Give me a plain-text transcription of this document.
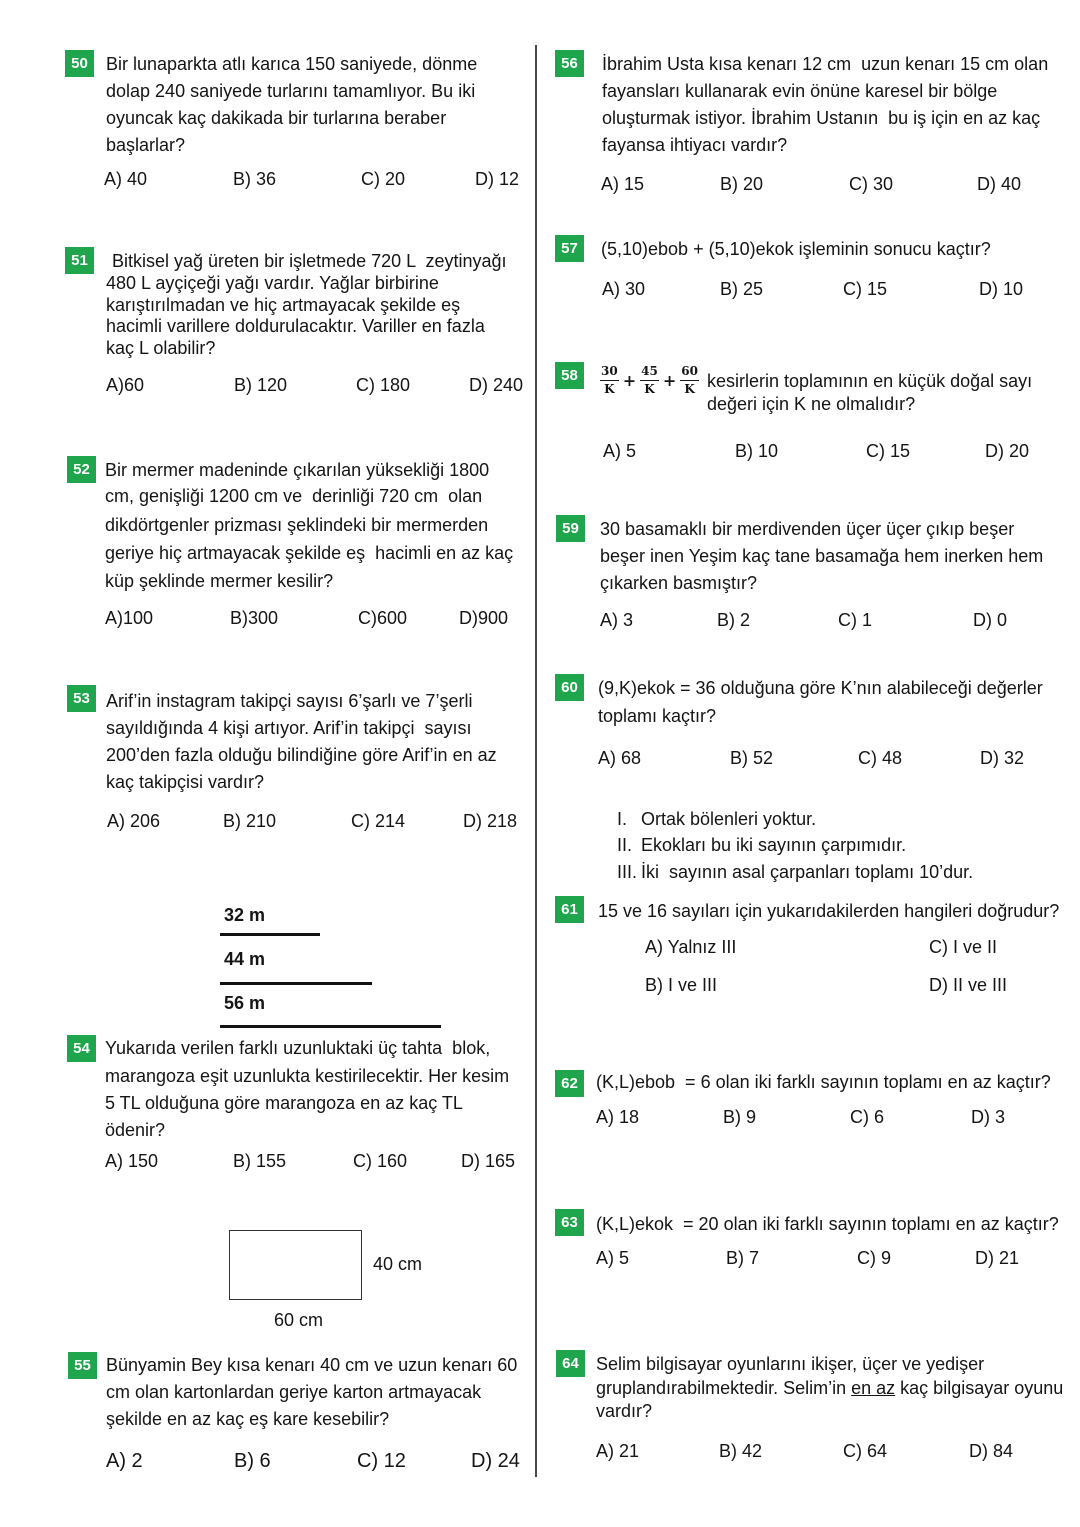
50	Bir lunaparkta atlı karıca 150 saniyede, dönme
dolap 240 saniyede turlarını tamamlıyor. Bu iki
oyuncak kaç dakikada bir turlarına beraber
başlarlar?
A) 40	B) 36	C) 20	D) 12
51	Bitkisel yağ üreten bir işletmede 720 L  zeytinyağı
480 L ayçiçeği yağı vardır. Yağlar birbirine
karıştırılmadan ve hiç artmayacak şekilde eş
hacimli varillere doldurulacaktır. Variller en fazla
kaç L olabilir?
A)60	B) 120	C) 180	D) 240
52 Bir mermer madeninde çıkarılan yüksekliği 1800
cm, genişliği 1200 cm ve  derinliği 720 cm  olan
dikdörtgenler prizması şeklindeki bir mermerden
geriye hiç artmayacak şekilde eş  hacimli en az kaç
küp şeklinde mermer kesilir?
A)100	B)300	C)600	D)900
53 Arif’in instagram takipçi sayısı 6’şarlı ve 7’şerli
sayıldığında 4 kişi artıyor. Arif’in takipçi  sayısı
200’den fazla olduğu bilindiğine göre Arif’in en az
kaç takipçisi vardır?
A) 206	B) 210	C) 214	D) 218
32 m
44 m
56 m
54 Yukarıda verilen farklı uzunluktaki üç tahta  blok,
marangoza eşit uzunlukta kestirilecektir. Her kesim
5 TL olduğuna göre marangoza en az kaç TL
ödenir?
A) 150	B) 155	C) 160	D) 165
40 cm
60 cm
55 Bünyamin Bey kısa kenarı 40 cm ve uzun kenarı 60
cm olan kartonlardan geriye karton artmayacak
şekilde en az kaç eş kare kesebilir?
A) 2	B) 6	C) 12	D) 24
56	İbrahim Usta kısa kenarı 12 cm  uzun kenarı 15 cm olan
fayansları kullanarak evin önüne karesel bir bölge
oluşturmak istiyor. İbrahim Ustanın  bu iş için en az kaç
fayansa ihtiyacı vardır?
A) 15	B) 20	C) 30	D) 40
57	(5,10)ebob + (5,10)ekok işleminin sonucu kaçtır?
A) 30	B) 25	C) 15	D) 10
58	$\frac{30}{K} + \frac{45}{K} + \frac{60}{K}$ kesirlerin toplamının en küçük doğal sayı
değeri için K ne olmalıdır?
A) 5	B) 10	C) 15	D) 20
59	30 basamaklı bir merdivenden üçer üçer çıkıp beşer
beşer inen Yeşim kaç tane basamağa hem inerken hem
çıkarken basmıştır?
A) 3	B) 2	C) 1	D) 0
60	(9,K)ekok = 36 olduğuna göre K’nın alabileceği değerler
toplamı kaçtır?
A) 68	B) 52	C) 48	D) 32
I. Ortak bölenleri yoktur.
II. Ekokları bu iki sayının çarpımıdır.
III. İki  sayının asal çarpanları toplamı 10’dur.
61	15 ve 16 sayıları için yukarıdakilerden hangileri doğrudur?
A) Yalnız III	C) I ve II
B) I ve III	D) II ve III
62	(K,L)ebob  = 6 olan iki farklı sayının toplamı en az kaçtır?
A) 18	B) 9	C) 6	D) 3
63	(K,L)ekok  = 20 olan iki farklı sayının toplamı en az kaçtır?
A) 5	B) 7	C) 9	D) 21
64 Selim bilgisayar oyunlarını ikişer, üçer ve yedişer
gruplandırabilmektedir. Selim’in en az kaç bilgisayar oyunu
vardır?
A) 21	B) 42	C) 64	D) 84
